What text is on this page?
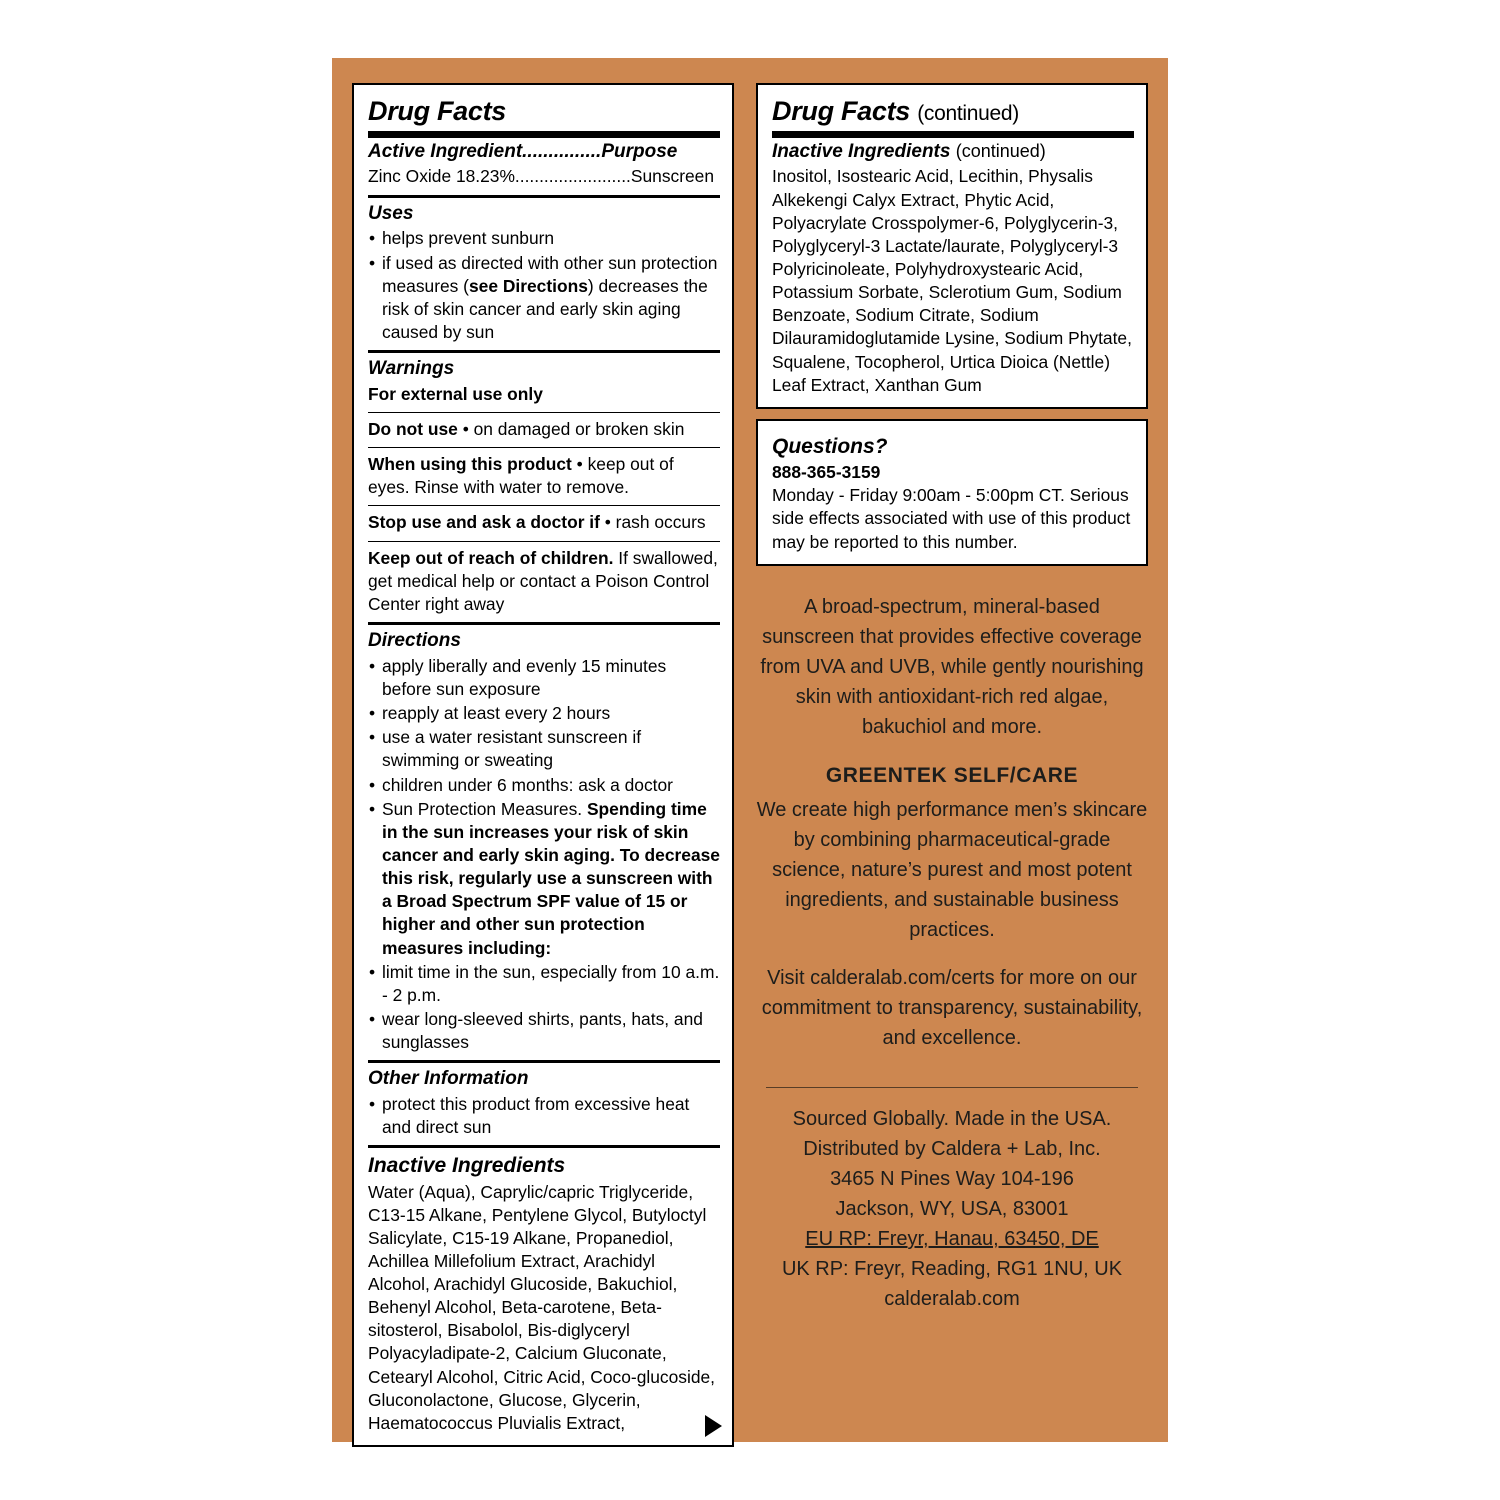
Drug Facts
Active Ingredient...............Purpose
Zinc Oxide 18.23%........................Sunscreen
Uses
• helps prevent sunburn
• if used as directed with other sun protection measures (see Directions) decreases the risk of skin cancer and early skin aging caused by sun
Warnings
For external use only
Do not use • on damaged or broken skin
When using this product • keep out of eyes. Rinse with water to remove.
Stop use and ask a doctor if • rash occurs
Keep out of reach of children. If swallowed, get medical help or contact a Poison Control Center right away
Directions
• apply liberally and evenly 15 minutes before sun exposure
• reapply at least every 2 hours
• use a water resistant sunscreen if swimming or sweating
• children under 6 months: ask a doctor
• Sun Protection Measures. Spending time in the sun increases your risk of skin cancer and early skin aging. To decrease this risk, regularly use a sunscreen with a Broad Spectrum SPF value of 15 or higher and other sun protection measures including:
• limit time in the sun, especially from 10 a.m. - 2 p.m.
• wear long-sleeved shirts, pants, hats, and sunglasses
Other Information
• protect this product from excessive heat and direct sun
Inactive Ingredients
Water (Aqua), Caprylic/capric Triglyceride, C13-15 Alkane, Pentylene Glycol, Butyloctyl Salicylate, C15-19 Alkane, Propanediol, Achillea Millefolium Extract, Arachidyl Alcohol, Arachidyl Glucoside, Bakuchiol, Behenyl Alcohol, Beta-carotene, Beta-sitosterol, Bisabolol, Bis-diglyceryl Polyacyladipate-2, Calcium Gluconate, Cetearyl Alcohol, Citric Acid, Coco-glucoside, Gluconolactone, Glucose, Glycerin, Haematococcus Pluvialis Extract,
Drug Facts (continued)
Inactive Ingredients (continued)
Inositol, Isostearic Acid, Lecithin, Physalis Alkekengi Calyx Extract, Phytic Acid, Polyacrylate Crosspolymer-6, Polyglycerin-3, Polyglyceryl-3 Lactate/laurate, Polyglyceryl-3 Polyricinoleate, Polyhydroxystearic Acid, Potassium Sorbate, Sclerotium Gum, Sodium Benzoate, Sodium Citrate, Sodium Dilauramidoglutamide Lysine, Sodium Phytate, Squalene, Tocopherol, Urtica Dioica (Nettle) Leaf Extract, Xanthan Gum
Questions?
888-365-3159
Monday - Friday 9:00am - 5:00pm CT. Serious side effects associated with use of this product may be reported to this number.

A broad-spectrum, mineral-based sunscreen that provides effective coverage from UVA and UVB, while gently nourishing skin with antioxidant-rich red algae, bakuchiol and more.

GREENTEK SELF/CARE

We create high performance men’s skincare by combining pharmaceutical-grade science, nature’s purest and most potent ingredients, and sustainable business practices.

Visit calderalab.com/certs for more on our commitment to transparency, sustainability, and excellence.

Sourced Globally. Made in the USA.
Distributed by Caldera + Lab, Inc.
3465 N Pines Way 104-196
Jackson, WY, USA, 83001
EU RP: Freyr, Hanau, 63450, DE
UK RP: Freyr, Reading, RG1 1NU, UK
calderalab.com
